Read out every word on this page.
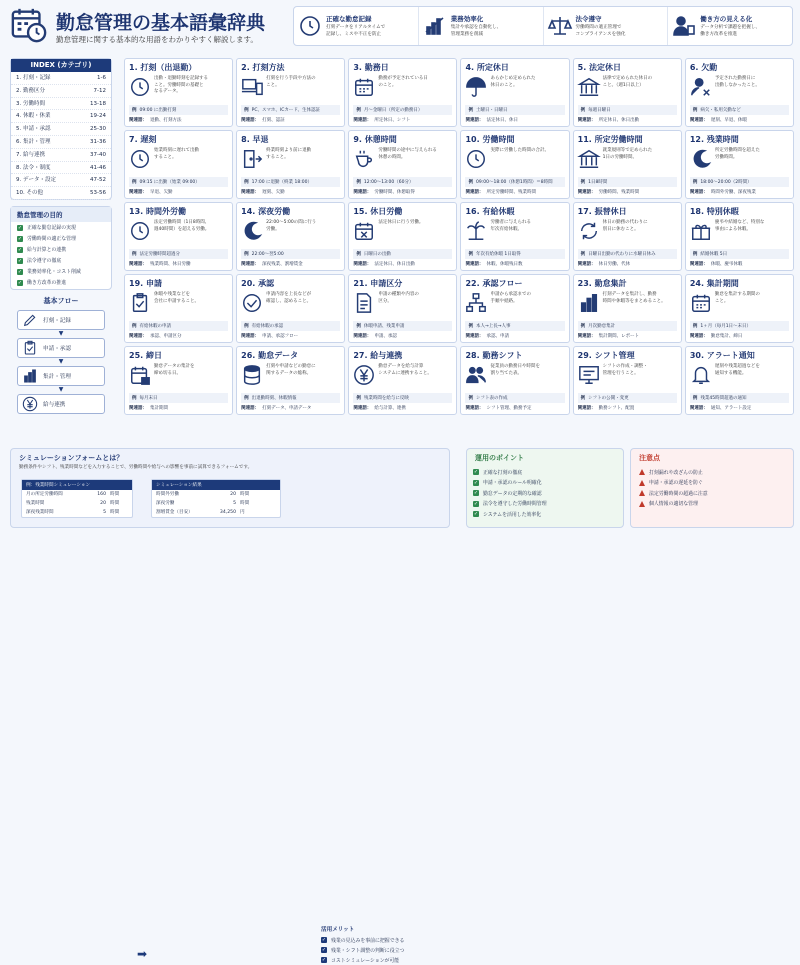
勤怠管理の基本語彙辞典
勤怠管理に関する基本的な用語をわかりやすく解説します。
正確な勤怠記録
打刻データをリアルタイムで
記録し、ミスや不正を防止
業務効率化
集計や承認を自動化し、
管理業務を削減
法令遵守
労働時間の適正管理で
コンプライアンスを強化
働き方の見える化
データ分析で課題を把握し、
働き方改革を推進
INDEX (カテゴリ)
1. 打刻・記録	1-6
2. 勤務区分	7-12
3. 労働時間	13-18
4. 休暇・休業	19-24
5. 申請・承認	25-30
6. 集計・管理	31-36
7. 給与連携	37-40
8. 法令・制度	41-46
9. データ・設定	47-52
10. その他	53-56
勤怠管理の目的
✓ 正確な勤怠記録の実現
✓ 労働時間の適正な管理
✓ 給与計算との連携
✓ 法令遵守の徹底
✓ 業務効率化・コスト削減
✓ 働き方改革の推進
基本フロー
打刻・記録
▼
申請・承認
▼
集計・管理
▼
給与連携
1. 打刻（出退勤）
出勤・退勤時刻を記録する
こと。労働時間の基礎と
なるデータ。
例 09:00 に出勤打刻
関連語： 退勤、打刻方法
2. 打刻方法
打刻を行う手段や方法の
こと。
例 PC、スマホ、ICカード、生体認証
関連語： 打刻、認証
3. 勤務日
勤務が予定されている日
のこと。
例 月〜金曜日（所定の勤務日）
関連語： 所定休日、シフト
4. 所定休日
あらかじめ定められた
休日のこと。
例 土曜日・日曜日
関連語： 法定休日、休日
5. 法定休日
法律で定められた休日の
こと。（週1日以上）
例 毎週日曜日
関連語： 所定休日、休日出勤
6. 欠勤
予定された勤務日に
出勤しなかったこと。
例 病欠・私用欠勤など
関連語： 遅刻、早退、休暇
7. 遅刻
始業時刻に遅れて出勤
すること。
例 09:15 に出勤（始業 09:00）
関連語： 早退、欠勤
8. 早退
終業時刻より前に退勤
すること。
例 17:00 に退勤（終業 18:00）
関連語： 遅刻、欠勤
9. 休憩時間
労働時間の途中に与えられる
休憩の時間。
例 12:00〜13:00（60分）
関連語： 労働時間、休憩取得
10. 労働時間
実際に労働した時間の合計。
例 09:00〜18:00（休憩1時間）＝8時間
関連語： 所定労働時間、残業時間
11. 所定労働時間
就業規則等で定められた
1日の労働時間。
例 1日8時間
関連語： 労働時間、残業時間
12. 残業時間
所定労働時間を超えた
労働時間。
例 18:00〜20:00（2時間）
関連語： 時間外労働、深夜残業
13. 時間外労働
法定労働時間（1日8時間、
週40時間）を超える労働。
例 法定労働時間超過分
関連語： 残業時間、休日労働
14. 深夜労働
22:00〜5:00の間に行う
労働。
例 22:00〜翌5:00
関連語： 深夜残業、割増賃金
15. 休日労働
法定休日に行う労働。
例 日曜日の出勤
関連語： 法定休日、休日出勤
16. 有給休暇
労働者に与えられる
年次有給休暇。
例 年次有給休暇 1日取得
関連語： 休暇、休暇残日数
17. 振替休日
休日の勤務の代わりに
別日に休むこと。
例 日曜日出勤の代わりに水曜日休み
関連語： 休日労働、代休
18. 特別休暇
慶弔や結婚など、特別な
事由による休暇。
例 結婚休暇 5日
関連語： 休暇、慶弔休暇
19. 申請
休暇や残業などを
会社に申請すること。
例 有給休暇の申請
関連語： 承認、申請区分
20. 承認
申請内容を上長などが
確認し、認めること。
例 有給休暇の承認
関連語： 申請、承認フロー
21. 申請区分
申請の種類や内容の
区分。
例 休暇申請、残業申請
関連語： 申請、承認
22. 承認フロー
申請から承認までの
手順や経路。
例 本人→上長→人事
関連語： 承認、申請
23. 勤怠集計
打刻データを集計し、勤務
時間や休暇等をまとめること。
例 月次勤怠集計
関連語： 集計期間、レポート
24. 集計期間
勤怠を集計する期間の
こと。
例 1ヶ月（毎月1日〜末日）
関連語： 勤怠集計、締日
25. 締日
勤怠データの集計を
締め切る日。
例 毎月末日
関連語： 集計期間
26. 勤怠データ
打刻や申請などの勤怠に
関するデータの総称。
例 出退勤時刻、休暇情報
関連語： 打刻データ、申請データ
27. 給与連携
勤怠データを給与計算
システムに連携すること。
例 残業時間を給与に反映
関連語： 給与計算、連携
28. 勤務シフト
従業員の勤務日や時間を
割り当てた表。
例 シフト表の作成
関連語： シフト管理、勤務予定
29. シフト管理
シフトの作成・調整・
管理を行うこと。
例 シフトの公開・変更
関連語： 勤務シフト、配置
30. アラート通知
遅刻や残業超過などを
通知する機能。
例 残業45時間超過の通知
関連語： 通知、アラート設定
シミュレーションフォームとは？
勤務条件やシフト、残業時間などを入力することで、労働時間や給与への影響を事前に試算できるフォームです。
例：残業時間シミュレーション
月の所定労働時間	160 時間
残業時間	20 時間
深夜残業時間	5 時間
➡
シミュレーション結果
時間外労働	20 時間
深夜労働	5 時間
割増賃金（目安）	34,250 円
活用メリット
✓ 残業の見込みを事前に把握できる
✓ 残業・シフト調整の判断に役立つ
✓ コストシミュレーションが可能
運用のポイント
✓ 正確な打刻の徹底
✓ 申請・承認のルール明確化
✓ 勤怠データの定期的な確認
✓ 法令を遵守した労働時間管理
✓ システムを活用した効率化
注意点
打刻漏れや改ざんの防止
申請・承認の遅延を防ぐ
法定労働時間の超過に注意
個人情報の適切な管理
